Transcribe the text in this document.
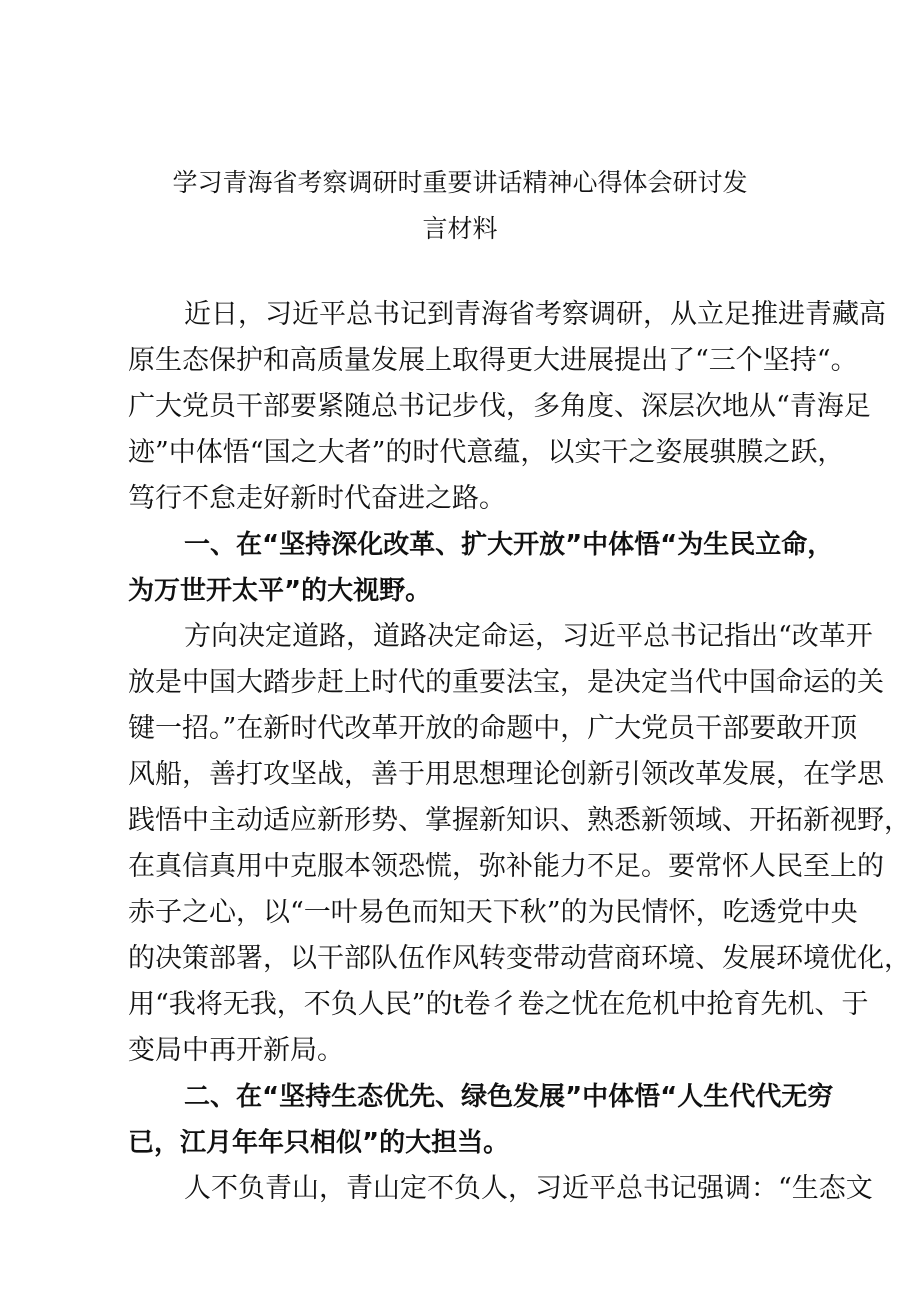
学习青海省考察调研时重要讲话精神心得体会研讨发
言材料
近日，习近平总书记到青海省考察调研，从立足推进青藏高
原生态保护和高质量发展上取得更大进展提出了“三个坚持“。
广大党员干部要紧随总书记步伐，多角度、深层次地从“青海足
迹”中体悟“国之大者”的时代意蕴，以实干之姿展骐膜之跃，
笃行不怠走好新时代奋进之路。
一、在“坚持深化改革、扩大开放”中体悟“为生民立命，
为万世开太平”的大视野。
方向决定道路，道路决定命运，习近平总书记指出“改革开
放是中国大踏步赶上时代的重要法宝，是决定当代中国命运的关
键一招。”在新时代改革开放的命题中，广大党员干部要敢开顶
风船，善打攻坚战，善于用思想理论创新引领改革发展，在学思
践悟中主动适应新形势、掌握新知识、熟悉新领域、开拓新视野，
在真信真用中克服本领恐慌，弥补能力不足。要常怀人民至上的
赤子之心，以“一叶易色而知天下秋”的为民情怀，吃透党中央
的决策部署，以干部队伍作风转变带动营商环境、发展环境优化，
用“我将无我，不负人民”的t卷彳卷之忧在危机中抢育先机、于
变局中再开新局。
二、在“坚持生态优先、绿色发展”中体悟“人生代代无穷
已，江月年年只相似”的大担当。
人不负青山，青山定不负人，习近平总书记强调：“生态文
